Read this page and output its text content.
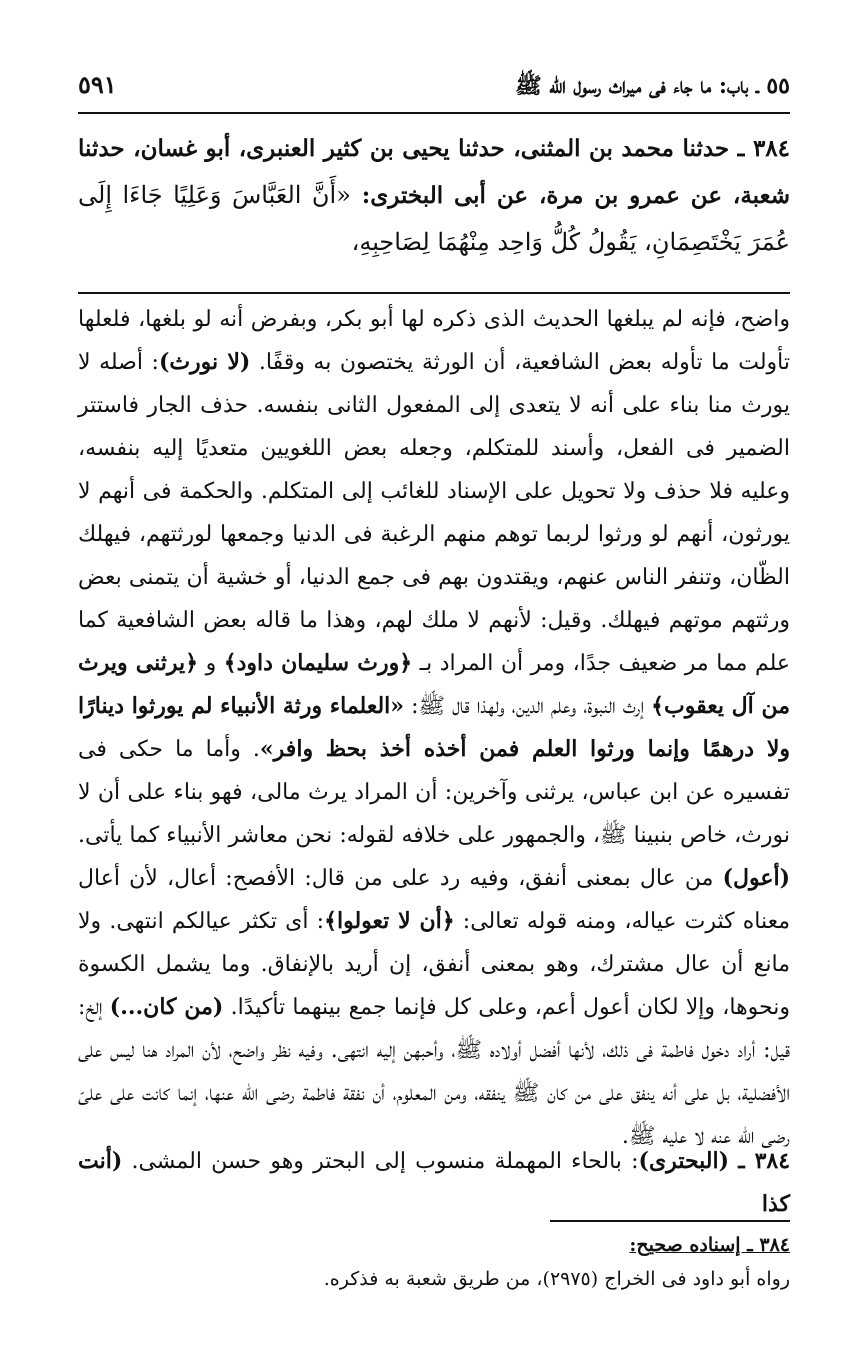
٥٥ ـ باب: ما جاء فى ميراث رسول الله ﷺ
٥٩١
٣٨٤ ـ حدثنا محمد بن المثنى، حدثنا يحيى بن كثير العنبرى، أبو غسان، حدثنا شعبة، عن عمرو بن مرة، عن أبى البخترى: «أَنَّ العَبَّاسَ وَعَلِيًا جَاءَا إِلَى عُمَرَ يَخْتَصِمَانِ، يَقُولُ كُلُّ وَاحِد مِنْهُمَا لِصَاحِبِهِ،
واضح، فإنه لم يبلغها الحديث الذى ذكره لها أبو بكر، وبفرض أنه لو بلغها، فلعلها تأولت ما تأوله بعض الشافعية، أن الورثة يختصون به وقفًا. (لا نورث): أصله لا يورث منا بناء على أنه لا يتعدى إلى المفعول الثانى بنفسه. حذف الجار فاستتر الضمير فى الفعل، وأسند للمتكلم، وجعله بعض اللغويين متعديًا إليه بنفسه، وعليه فلا حذف ولا تحويل على الإسناد للغائب إلى المتكلم. والحكمة فى أنهم لا يورثون، أنهم لو ورثوا لربما توهم منهم الرغبة فى الدنيا وجمعها لورثتهم، فيهلك الظّان، وتنفر الناس عنهم، ويقتدون بهم فى جمع الدنيا، أو خشية أن يتمنى بعض ورثتهم موتهم فيهلك. وقيل: لأنهم لا ملك لهم، وهذا ما قاله بعض الشافعية كما علم مما مر ضعيف جدًا، ومر أن المراد بـ ﴿ورث سليمان داود﴾ و ﴿يرثنى ويرث من آل يعقوب﴾ إرث النبوة، وعلم الدين، ولهذا قال ﷺ: «العلماء ورثة الأنبياء لم يورثوا دينارًا ولا درهمًا وإنما ورثوا العلم فمن أخذه أخذ بحظ وافر». وأما ما حكى فى تفسيره عن ابن عباس، يرثنى وآخرين: أن المراد يرث مالى، فهو بناء على أن لا نورث، خاص بنبينا ﷺ، والجمهور على خلافه لقوله: نحن معاشر الأنبياء كما يأتى. (أعول) من عال بمعنى أنفق، وفيه رد على من قال: الأفصح: أعال، لأن أعال معناه كثرت عياله، ومنه قوله تعالى: ﴿أن لا تعولوا﴾: أى تكثر عيالكم انتهى. ولا مانع أن عال مشترك، وهو بمعنى أنفق، إن أريد بالإنفاق. وما يشمل الكسوة ونحوها، وإلا لكان أعول أعم، وعلى كل فإنما جمع بينهما تأكيدًا. (من كان...) إلخ: قيل: أراد دخول فاطمة فى ذلك، لأنها أفضل أولاده ﷺ، وأحبهن إليه انتهى. وفيه نظر واضح، لأن المراد هنا ليس على الأفضلية، بل على أنه ينفق على من كان ﷺ ينفقه، ومن المعلوم، أن نفقة فاطمة رضى الله عنها، إنما كانت على علىّ رضى الله عنه لا عليه ﷺ.
٣٨٤ ـ (البحترى): بالحاء المهملة منسوب إلى البحتر وهو حسن المشى. (أنت كذا
٣٨٤ ـ إسناده صحيح:
رواه أبو داود فى الخراج (٢٩٧٥)، من طريق شعبة به فذكره.
